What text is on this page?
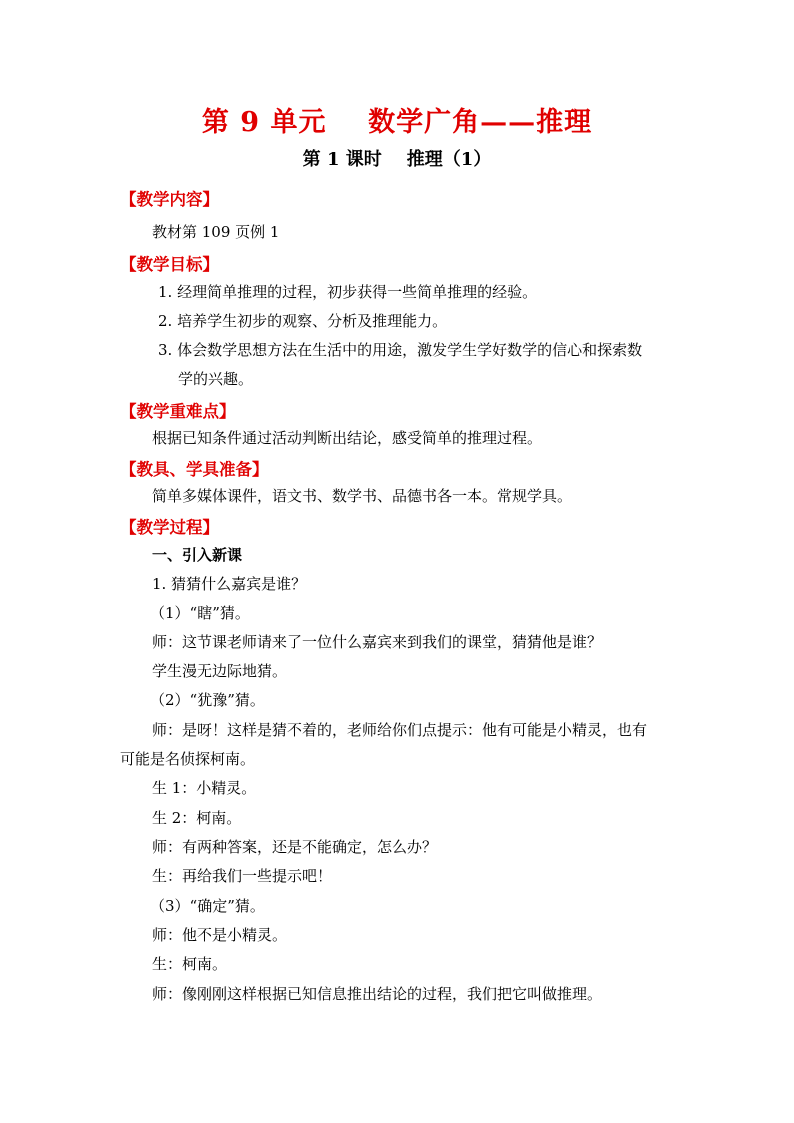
第 9 单元    数学广角——推理
第 1 课时    推理（1）
【教学内容】
教材第 109 页例 1
【教学目标】
1. 经理简单推理的过程，初步获得一些简单推理的经验。
2. 培养学生初步的观察、分析及推理能力。
3. 体会数学思想方法在生活中的用途，激发学生学好数学的信心和探索数
学的兴趣。
【教学重难点】
根据已知条件通过活动判断出结论，感受简单的推理过程。
【教具、学具准备】
简单多媒体课件，语文书、数学书、品德书各一本。常规学具。
【教学过程】
一、引入新课
1. 猜猜什么嘉宾是谁？
（1）“瞎”猜。
师：这节课老师请来了一位什么嘉宾来到我们的课堂，猜猜他是谁？
学生漫无边际地猜。
（2）“犹豫”猜。
师：是呀！这样是猜不着的，老师给你们点提示：他有可能是小精灵，也有
可能是名侦探柯南。
生 1：小精灵。
生 2：柯南。
师：有两种答案，还是不能确定，怎么办？
生：再给我们一些提示吧！
（3）“确定”猜。
师：他不是小精灵。
生：柯南。
师：像刚刚这样根据已知信息推出结论的过程，我们把它叫做推理。
